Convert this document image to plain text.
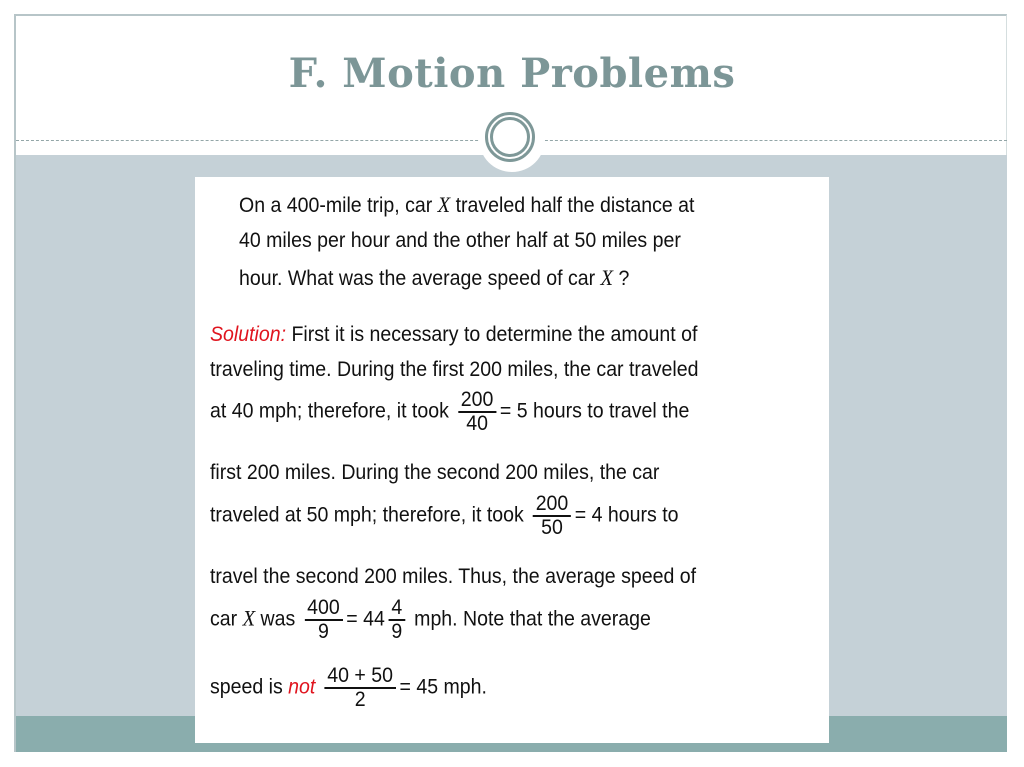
F. Motion Problems
On a 400-mile trip, car X traveled half the distance at
40 miles per hour and the other half at 50 miles per
hour. What was the average speed of car X ?
Solution: First it is necessary to determine the amount of
traveling time. During the first 200 miles, the car traveled
at 40 mph; therefore, it took $\frac{200}{40} = 5$ hours to travel the
first 200 miles. During the second 200 miles, the car
traveled at 50 mph; therefore, it took $\frac{200}{50} = 4$ hours to
travel the second 200 miles. Thus, the average speed of
car X was $\frac{400}{9} = 44 \frac{4}{9}$ mph. Note that the average
speed is not $\frac{40 + 50}{2} = 45$ mph.
